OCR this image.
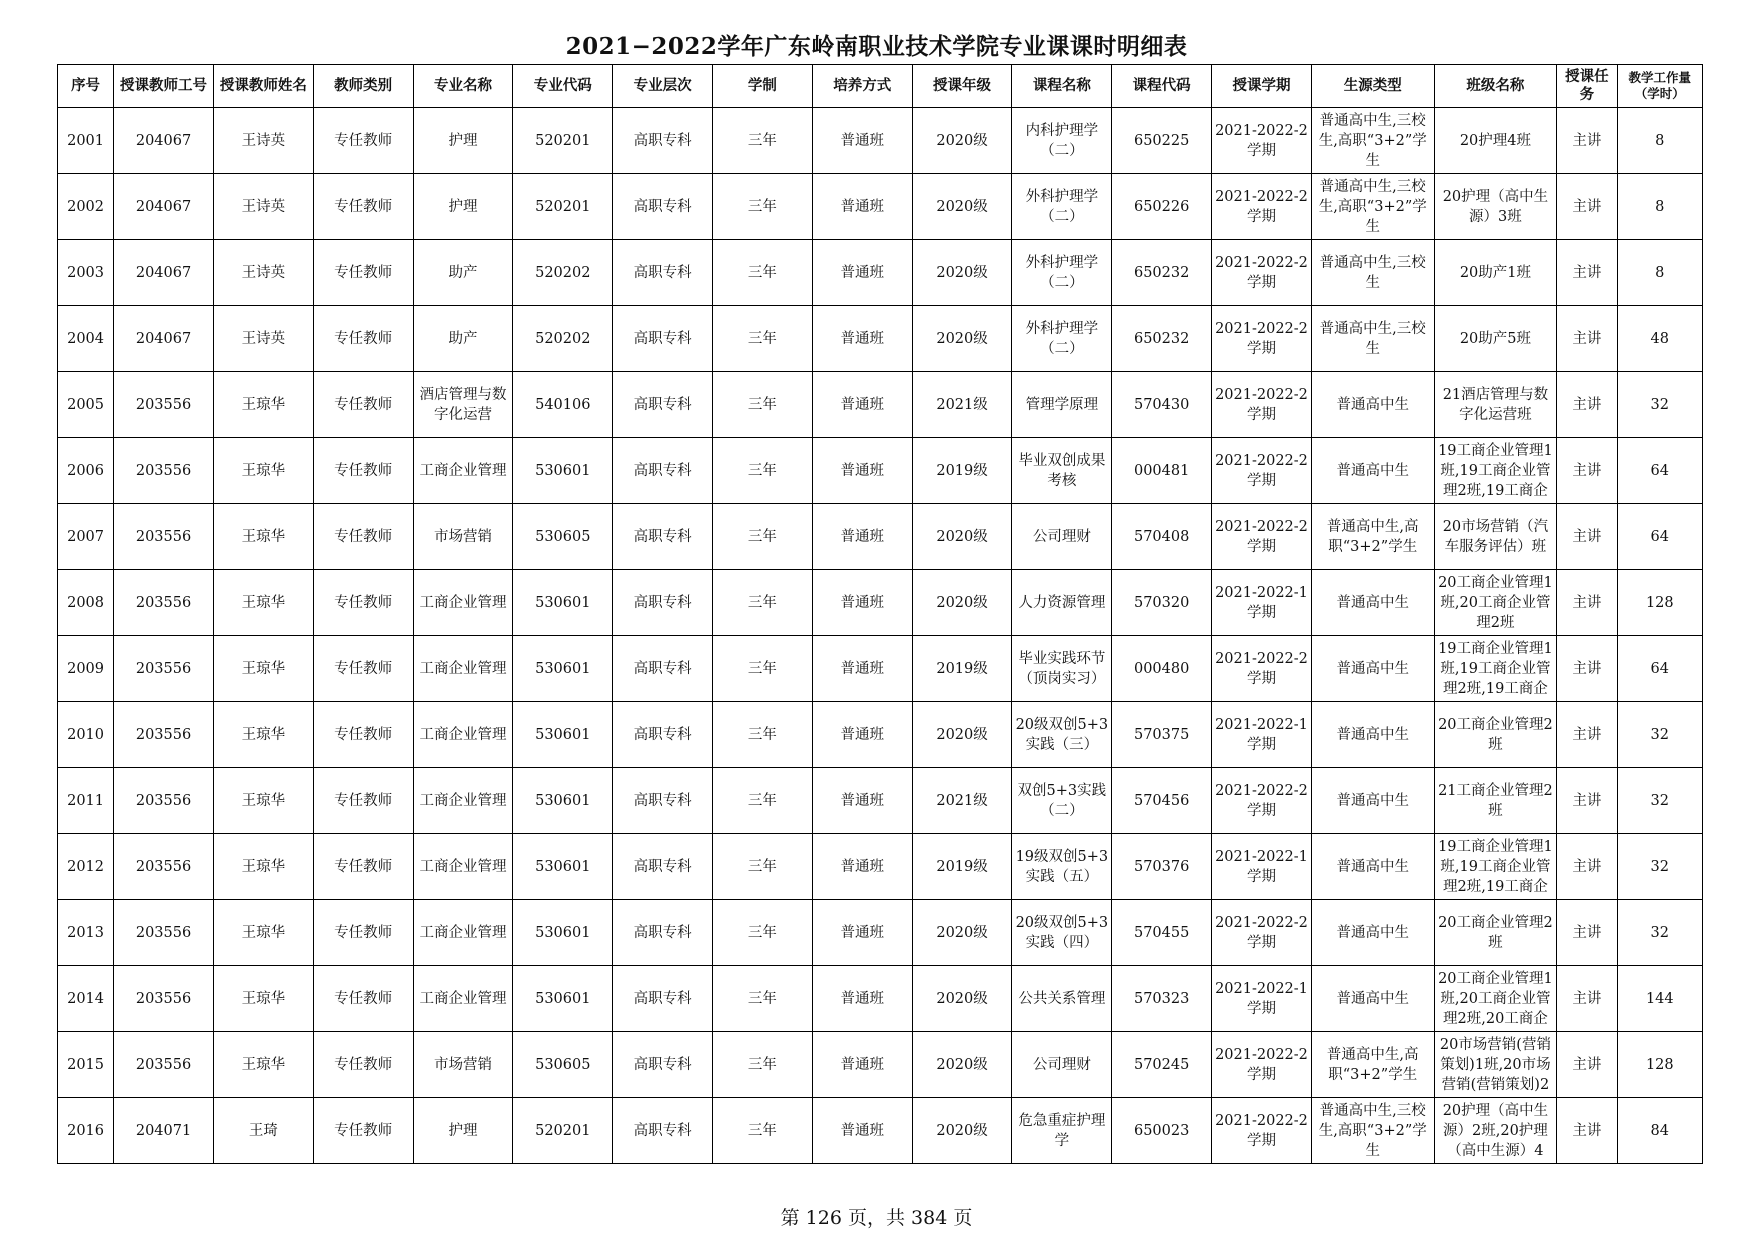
2021−2022学年广东岭南职业技术学院专业课课时明细表
序号	授课教师工号	授课教师姓名	教师类别	专业名称	专业代码	专业层次	学制	培养方式	授课年级	课程名称	课程代码	授课学期	生源类型	班级名称	授课任务	教学工作量（学时）

2001	204067	王诗英	专任教师	护理	520201	高职专科	三年	普通班	2020级	内科护理学（二）	650225	2021-2022-2学期	普通高中生,三校生,高职“3+2”学生	20护理4班	主讲	8

2002	204067	王诗英	专任教师	护理	520201	高职专科	三年	普通班	2020级	外科护理学（二）	650226	2021-2022-2学期	普通高中生,三校生,高职“3+2”学生	20护理（高中生源）3班	主讲	8

2003	204067	王诗英	专任教师	助产	520202	高职专科	三年	普通班	2020级	外科护理学（二）	650232	2021-2022-2学期	普通高中生,三校生	20助产1班	主讲	8

2004	204067	王诗英	专任教师	助产	520202	高职专科	三年	普通班	2020级	外科护理学（二）	650232	2021-2022-2学期	普通高中生,三校生	20助产5班	主讲	48

2005	203556	王琼华	专任教师	酒店管理与数字化运营	540106	高职专科	三年	普通班	2021级	管理学原理	570430	2021-2022-2学期	普通高中生	21酒店管理与数字化运营班	主讲	32

2006	203556	王琼华	专任教师	工商企业管理	530601	高职专科	三年	普通班	2019级	毕业双创成果考核	000481	2021-2022-2学期	普通高中生	19工商企业管理1班,19工商企业管理2班,19工商企	主讲	64

2007	203556	王琼华	专任教师	市场营销	530605	高职专科	三年	普通班	2020级	公司理财	570408	2021-2022-2学期	普通高中生,高职“3+2”学生	20市场营销（汽车服务评估）班	主讲	64

2008	203556	王琼华	专任教师	工商企业管理	530601	高职专科	三年	普通班	2020级	人力资源管理	570320	2021-2022-1学期	普通高中生	20工商企业管理1班,20工商企业管理2班	主讲	128

2009	203556	王琼华	专任教师	工商企业管理	530601	高职专科	三年	普通班	2019级	毕业实践环节（顶岗实习）	000480	2021-2022-2学期	普通高中生	19工商企业管理1班,19工商企业管理2班,19工商企	主讲	64

2010	203556	王琼华	专任教师	工商企业管理	530601	高职专科	三年	普通班	2020级	20级双创5+3实践（三）	570375	2021-2022-1学期	普通高中生	20工商企业管理2班	主讲	32

2011	203556	王琼华	专任教师	工商企业管理	530601	高职专科	三年	普通班	2021级	双创5+3实践（二）	570456	2021-2022-2学期	普通高中生	21工商企业管理2班	主讲	32

2012	203556	王琼华	专任教师	工商企业管理	530601	高职专科	三年	普通班	2019级	19级双创5+3实践（五）	570376	2021-2022-1学期	普通高中生	19工商企业管理1班,19工商企业管理2班,19工商企	主讲	32

2013	203556	王琼华	专任教师	工商企业管理	530601	高职专科	三年	普通班	2020级	20级双创5+3实践（四）	570455	2021-2022-2学期	普通高中生	20工商企业管理2班	主讲	32

2014	203556	王琼华	专任教师	工商企业管理	530601	高职专科	三年	普通班	2020级	公共关系管理	570323	2021-2022-1学期	普通高中生	20工商企业管理1班,20工商企业管理2班,20工商企	主讲	144

2015	203556	王琼华	专任教师	市场营销	530605	高职专科	三年	普通班	2020级	公司理财	570245	2021-2022-2学期	普通高中生,高职“3+2”学生	20市场营销(营销策划)1班,20市场营销(营销策划)2	主讲	128

2016	204071	王琦	专任教师	护理	520201	高职专科	三年	普通班	2020级	危急重症护理学	650023	2021-2022-2学期	普通高中生,三校生,高职“3+2”学生	20护理（高中生源）2班,20护理（高中生源）4	主讲	84
第 126 页，共 384 页
